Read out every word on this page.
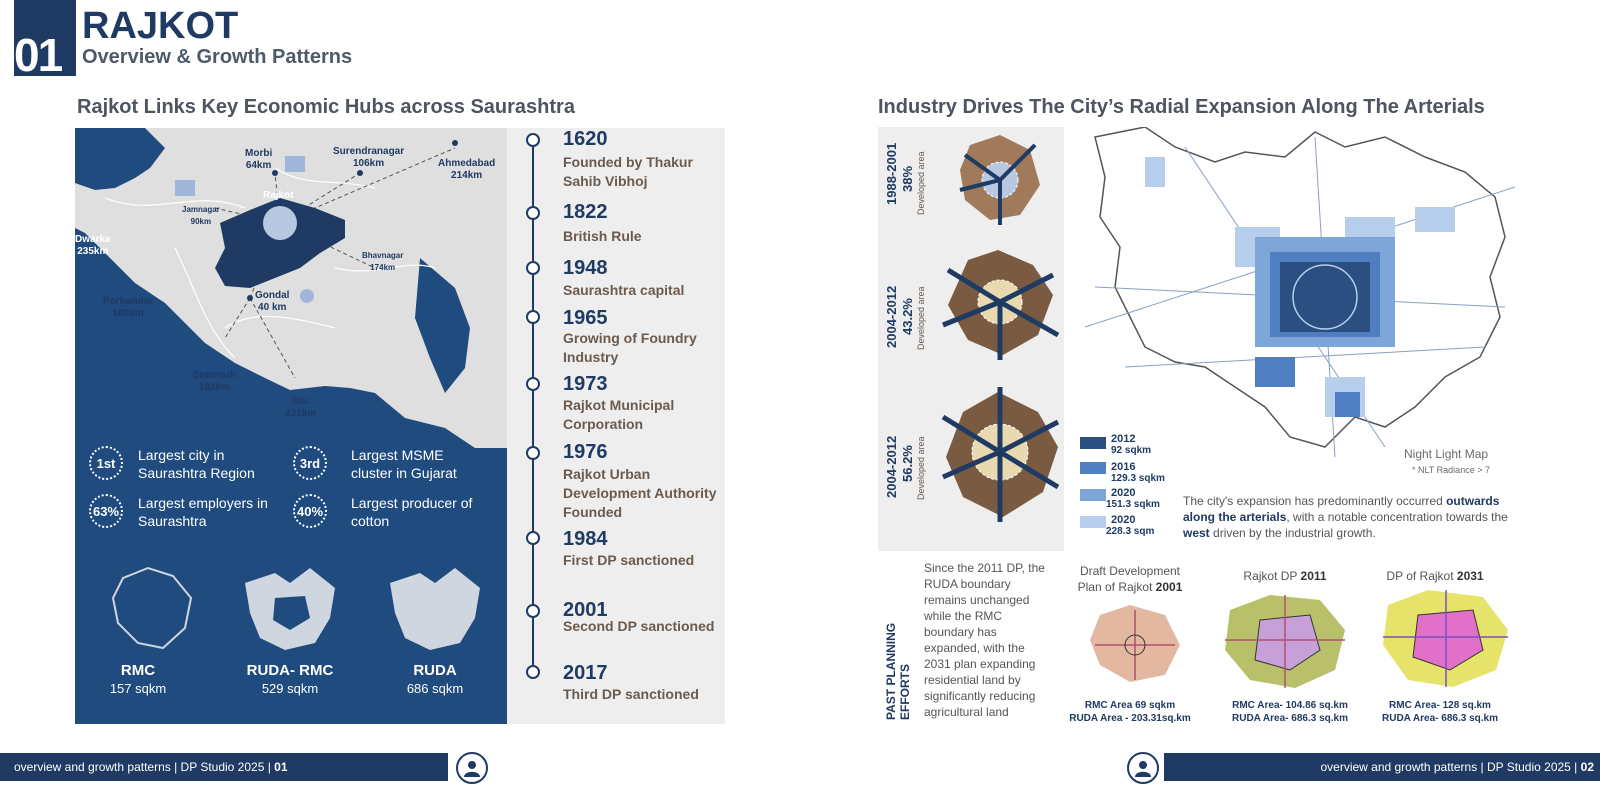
01
RAJKOT
Overview & Growth Patterns
Rajkot Links Key Economic Hubs across Saurashtra
Morbi
64km
Surendranagar
106km	Ahmedabad
214km
Rajkot
Jamnagar
90km
Dwarka
235km	Bhavnagar
174km
Gondal
40 km
Porbandar
180km
Somnath
192km
Diu
231km
1st	Largest city in Saurashtra Region
3rd	Largest MSME cluster in Gujarat
63% Largest employers in Saurashtra
40% Largest producer of cotton
RMC
157 sqkm
RUDA- RMC
529 sqkm
RUDA
686 sqkm
1620
Founded by Thakur Sahib Vibhoj
1822
British Rule
1948
Saurashtra capital
1965
Growing of Foundry Industry
1973
Rajkot Municipal Corporation
1976
Rajkot Urban Development Authority Founded
1984
First DP sanctioned
2001
Second DP sanctioned
2017
Third DP sanctioned
Industry Drives The City’s Radial Expansion Along The Arterials
1988-2001 38% Developed area
2004-2012 43.2% Developed area
2004-2012 56.2% Developed area	Night Light Map
* NLT Radiance > 7
2012
92 sqkm
2016
129.3 sqkm
2020
151.3 sqkm
2020
228.3 sqm
The city's expansion has predominantly occurred outwards along the arterials, with a notable concentration towards the west driven by the industrial growth.
PAST PLANNING EFFORTS
Since the 2011 DP, the RUDA boundary remains unchanged while the RMC boundary has expanded, with the 2031 plan expanding residential land by significantly reducing agricultural land
Draft Development Plan of Rajkot 2001
RMC Area 69 sqkm
RUDA Area - 203.31sq.km
Rajkot DP 2011
RMC Area- 104.86 sq.km
RUDA Area- 686.3 sq.km
DP of Rajkot 2031
RMC Area- 128 sq.km
RUDA Area- 686.3 sq.km
overview and growth patterns | DP Studio 2025 | 01	overview and growth patterns | DP Studio 2025 | 02
